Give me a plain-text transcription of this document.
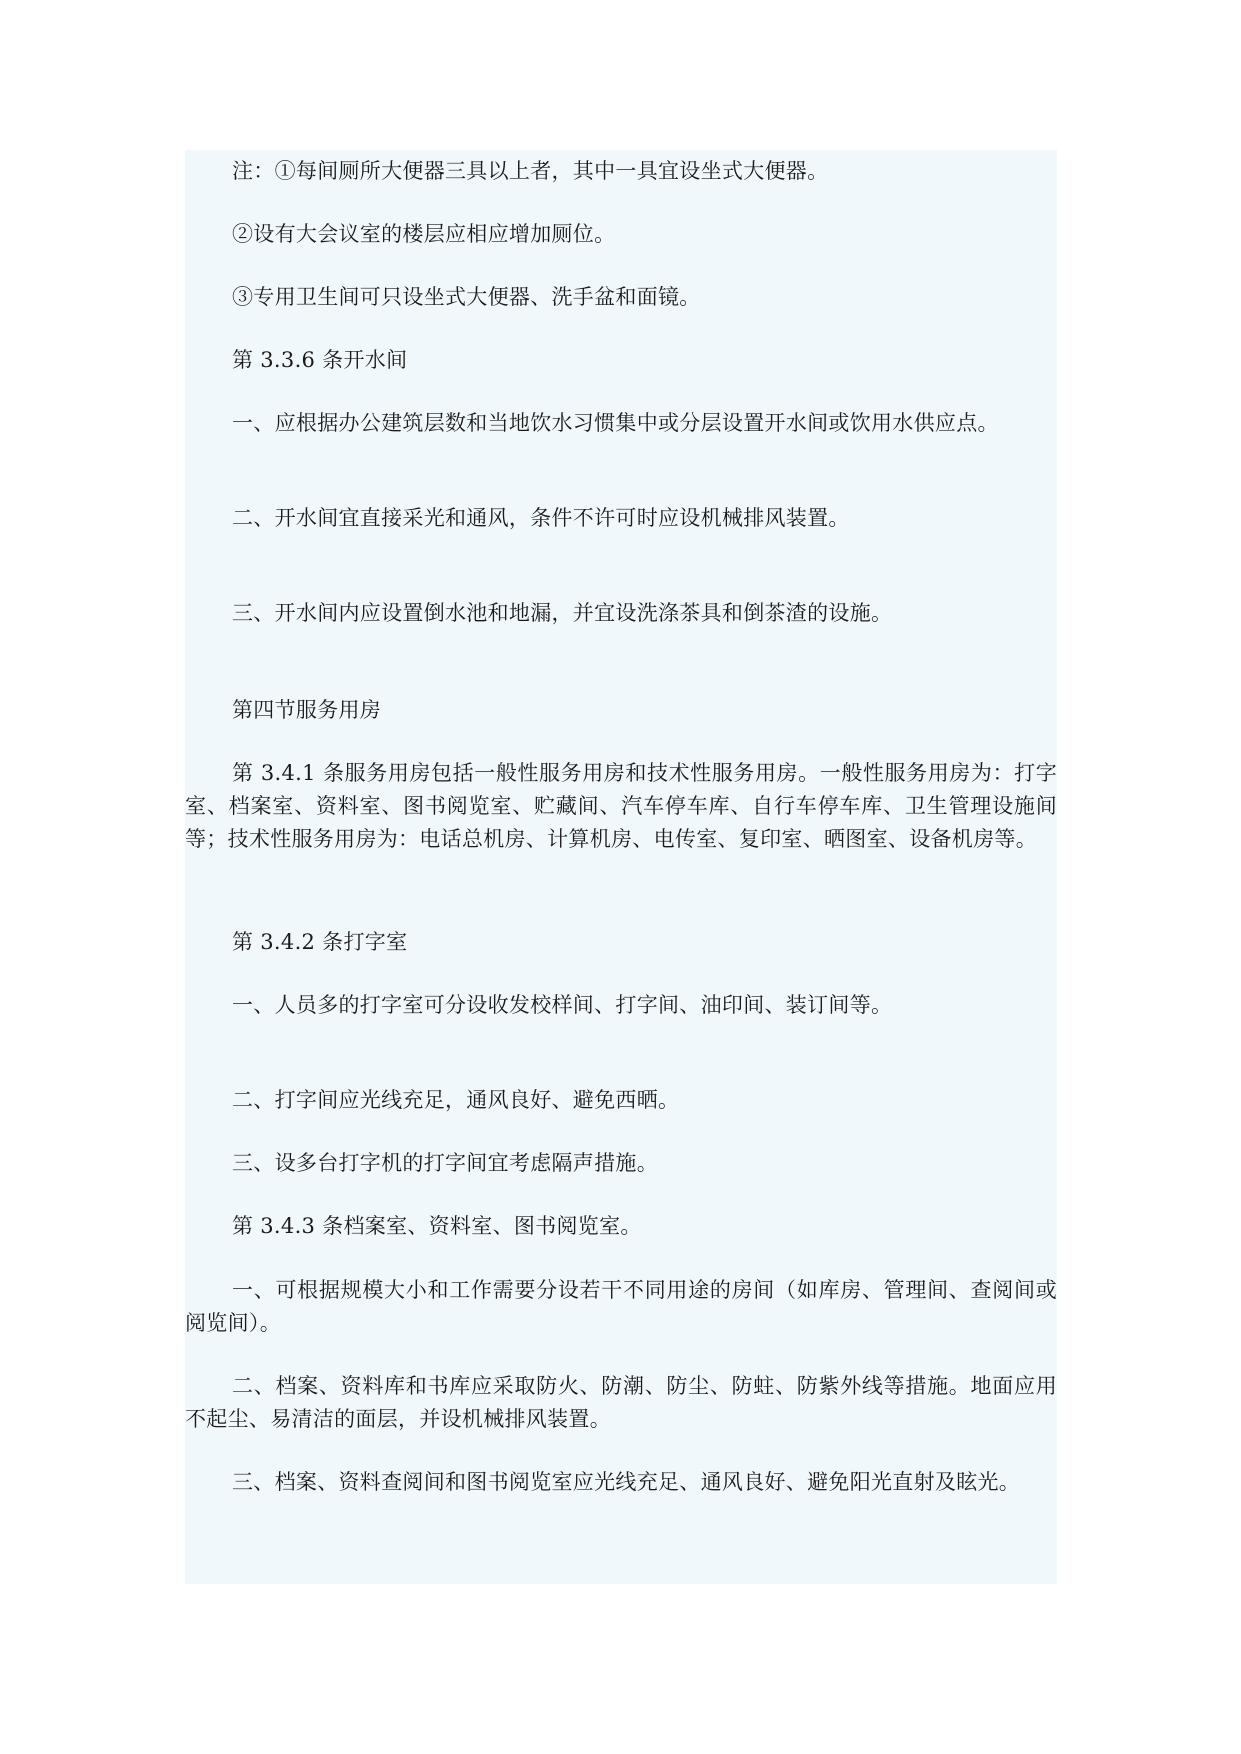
注：①每间厕所大便器三具以上者，其中一具宜设坐式大便器。

②设有大会议室的楼层应相应增加厕位。

③专用卫生间可只设坐式大便器、洗手盆和面镜。

第 3.3.6 条开水间

一、应根据办公建筑层数和当地饮水习惯集中或分层设置开水间或饮用水供应点。

二、开水间宜直接采光和通风，条件不许可时应设机械排风装置。

三、开水间内应设置倒水池和地漏，并宜设洗涤茶具和倒茶渣的设施。

第四节服务用房

第 3.4.1 条服务用房包括一般性服务用房和技术性服务用房。一般性服务用房为：打字室、档案室、资料室、图书阅览室、贮藏间、汽车停车库、自行车停车库、卫生管理设施间等；技术性服务用房为：电话总机房、计算机房、电传室、复印室、晒图室、设备机房等。

第 3.4.2 条打字室

一、人员多的打字室可分设收发校样间、打字间、油印间、装订间等。

二、打字间应光线充足，通风良好、避免西晒。

三、设多台打字机的打字间宜考虑隔声措施。

第 3.4.3 条档案室、资料室、图书阅览室。

一、可根据规模大小和工作需要分设若干不同用途的房间（如库房、管理间、查阅间或阅览间）。

二、档案、资料库和书库应采取防火、防潮、防尘、防蛀、防紫外线等措施。地面应用不起尘、易清洁的面层，并设机械排风装置。

三、档案、资料查阅间和图书阅览室应光线充足、通风良好、避免阳光直射及眩光。
